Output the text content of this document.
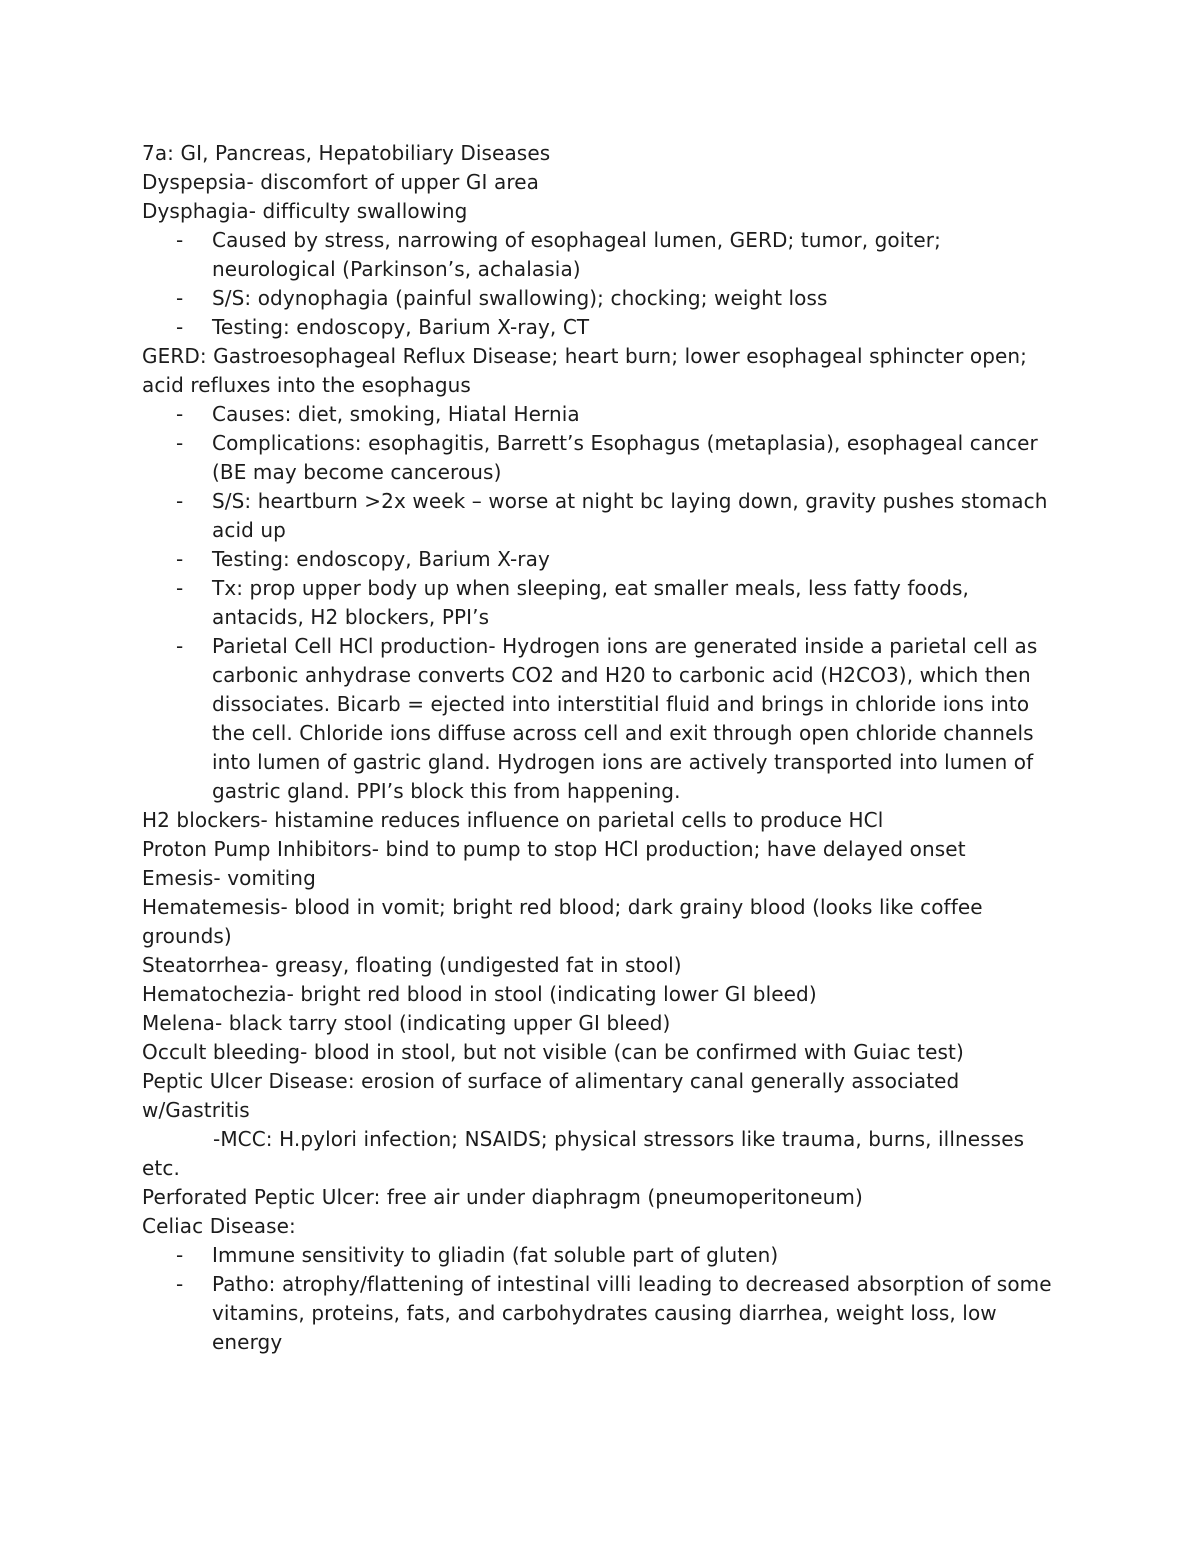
7a: GI, Pancreas, Hepatobiliary Diseases

Dyspepsia- discomfort of upper GI area

Dysphagia- difficulty swallowing

- Caused by stress, narrowing of esophageal lumen, GERD; tumor, goiter; neurological (Parkinson’s, achalasia)

- S/S: odynophagia (painful swallowing); chocking; weight loss

- Testing: endoscopy, Barium X-ray, CT

GERD: Gastroesophageal Reflux Disease; heart burn; lower esophageal sphincter open; acid refluxes into the esophagus

- Causes: diet, smoking, Hiatal Hernia

- Complications: esophagitis, Barrett’s Esophagus (metaplasia), esophageal cancer (BE may become cancerous)

- S/S: heartburn >2x week – worse at night bc laying down, gravity pushes stomach acid up

- Testing: endoscopy, Barium X-ray

- Tx: prop upper body up when sleeping, eat smaller meals, less fatty foods, antacids, H2 blockers, PPI’s

- Parietal Cell HCl production- Hydrogen ions are generated inside a parietal cell as carbonic anhydrase converts CO2 and H20 to carbonic acid (H2CO3), which then dissociates. Bicarb = ejected into interstitial fluid and brings in chloride ions into the cell. Chloride ions diffuse across cell and exit through open chloride channels into lumen of gastric gland. Hydrogen ions are actively transported into lumen of gastric gland. PPI’s block this from happening.

H2 blockers- histamine reduces influence on parietal cells to produce HCl

Proton Pump Inhibitors- bind to pump to stop HCl production; have delayed onset

Emesis- vomiting

Hematemesis- blood in vomit; bright red blood; dark grainy blood (looks like coffee grounds)

Steatorrhea- greasy, floating (undigested fat in stool)

Hematochezia- bright red blood in stool (indicating lower GI bleed)

Melena- black tarry stool (indicating upper GI bleed)

Occult bleeding- blood in stool, but not visible (can be confirmed with Guiac test)

Peptic Ulcer Disease: erosion of surface of alimentary canal generally associated w/Gastritis

-MCC: H.pylori infection; NSAIDS; physical stressors like trauma, burns, illnesses etc.

Perforated Peptic Ulcer: free air under diaphragm (pneumoperitoneum)

Celiac Disease:

- Immune sensitivity to gliadin (fat soluble part of gluten)

- Patho: atrophy/flattening of intestinal villi leading to decreased absorption of some vitamins, proteins, fats, and carbohydrates causing diarrhea, weight loss, low energy
